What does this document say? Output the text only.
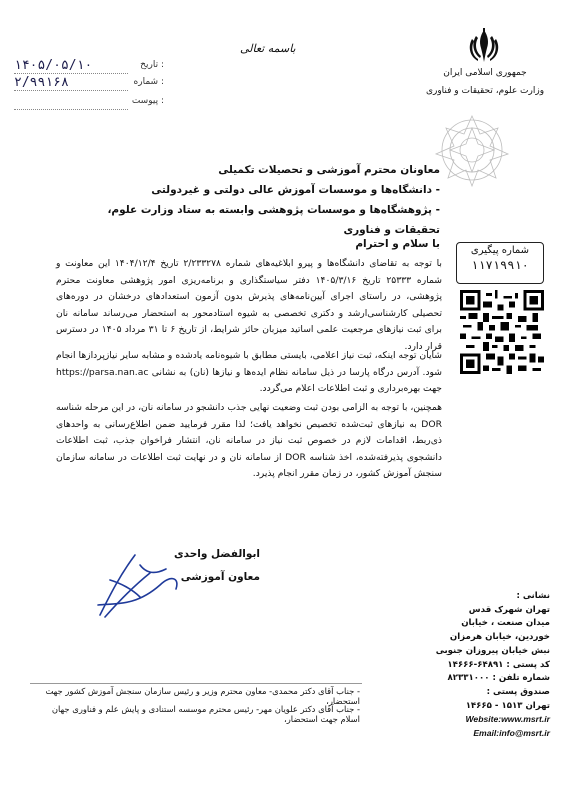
۱۴۰۵/۰۵/۱۰	تاریخ :
۲/۹۹۱۶۸	شماره :
پیوست :
باسمه تعالی
جمهوری اسلامی ایران
وزارت علوم، تحقیقات و فناوری
معاونان محترم آموزشی و تحصیلات تکمیلی
- دانشگاه‌ها و موسسات آموزش عالی دولتی و غیردولتی
- پژوهشگاه‌ها و موسسات پژوهشی وابسته به ستاد وزارت علوم، تحقیقات و فناوری
با سلام و احترام
شماره پیگیری
۱۱۷۱۹۹۱۰
با توجه به تقاضای دانشگاه‌ها و پیرو ابلاغیه‌های شماره ۲/۲۳۳۲۷۸ تاریخ ۱۴۰۴/۱۲/۴ این معاونت و شماره ۲۵۳۳۳ تاریخ ۱۴۰۵/۳/۱۶ دفتر سیاستگذاری و برنامه‌ریزی امور پژوهشی معاونت محترم پژوهشی، در راستای اجرای آیین‌نامه‌های پذیرش بدون آزمون استعدادهای درخشان در دوره‌های تحصیلی کارشناسی‌ارشد و دکتری تخصصی به شیوه استادمحور به استحضار می‌رساند سامانه نان برای ثبت نیازهای مرجعیت علمی اساتید میزبان حائز شرایط، از تاریخ ۶ تا ۳۱ مرداد ۱۴۰۵ در دسترس قرار دارد.
شایان توجه اینکه، ثبت نیاز اعلامی، بایستی مطابق با شیوه‌نامه یادشده و مشابه سایر نیازپردازها انجام شود. آدرس درگاه پارسا در ذیل سامانه نظام ایده‌ها و نیازها (نان) به نشانی https://parsa.nan.ac جهت بهره‌برداری و ثبت اطلاعات اعلام می‌گردد.
همچنین، با توجه به الزامی بودن ثبت وضعیت نهایی جذب دانشجو در سامانه نان، در این مرحله شناسه DOR به نیازهای ثبت‌شده تخصیص نخواهد یافت؛ لذا مقرر فرمایید ضمن اطلاع‌رسانی به واحدهای ذی‌ربط، اقدامات لازم در خصوص ثبت نیاز در سامانه نان، انتشار فراخوان جذب، ثبت اطلاعات دانشجوی پذیرفته‌شده، اخذ شناسه DOR از سامانه نان و در نهایت ثبت اطلاعات در سامانه سازمان سنجش آموزش کشور، در زمان مقرر انجام پذیرد.
ابوالفضل واحدی
معاون آموزشی
نشانی :
تهران شهرک قدس
میدان صنعت ، خیابان
خوردین، خیابان هرمزان
نبش خیابان پیروزان جنوبی
کد پستی : ۶۴۸۹۱-۱۴۶۶۶
شماره تلفن : ۸۲۳۳۱۰۰۰
صندوق پستی :
تهران ۱۵۱۳ - ۱۴۶۶۵
Website:www.msrt.ir
Email:info@msrt.ir
- جناب آقای دکتر محمدی- معاون محترم وزیر و رئیس سازمان سنجش آموزش کشور جهت استحضار،
- جناب آقای دکتر علویان مهر- رئیس محترم موسسه استنادی و پایش علم و فناوری جهان اسلام جهت استحضار،
